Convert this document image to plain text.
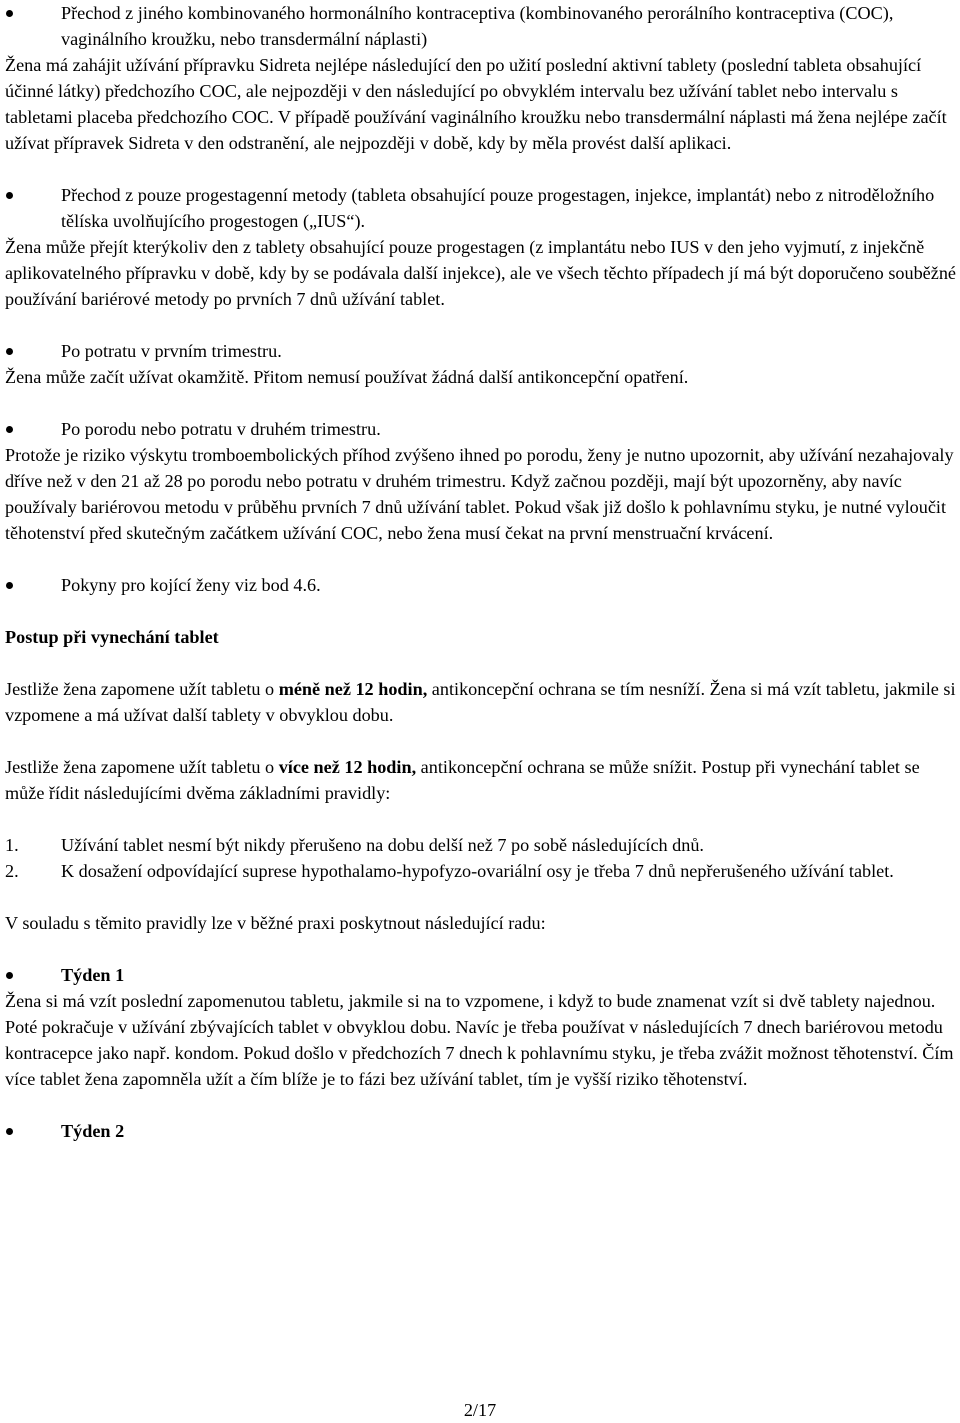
Přechod z jiného kombinovaného hormonálního kontraceptiva (kombinovaného perorálního kontraceptiva (COC), vaginálního kroužku, nebo transdermální náplasti)
Žena má zahájit užívání přípravku Sidreta nejlépe následující den po užití poslední aktivní tablety (poslední tableta obsahující účinné látky) předchozího COC, ale nejpozději v den následující po obvyklém intervalu bez užívání tablet nebo intervalu s tabletami placeba předchozího COC. V případě používání vaginálního kroužku nebo transdermální náplasti má žena nejlépe začít užívat přípravek Sidreta v den odstranění, ale nejpozději v době, kdy by měla provést další aplikaci.
Přechod z pouze progestagenní metody (tableta obsahující pouze progestagen, injekce, implantát) nebo z nitroděložního tělíska uvolňujícího progestogen („IUS“).
Žena může přejít kterýkoliv den z tablety obsahující pouze progestagen (z implantátu nebo IUS v den jeho vyjmutí, z injekčně aplikovatelného přípravku v době, kdy by se podávala další injekce), ale ve všech těchto případech jí má být doporučeno souběžné používání bariérové metody po prvních 7 dnů užívání tablet.
Po potratu v prvním trimestru.
Žena může začít užívat okamžitě. Přitom nemusí používat žádná další antikoncepční opatření.
Po porodu nebo potratu v druhém trimestru.
Protože je riziko výskytu tromboembolických příhod zvýšeno ihned po porodu, ženy je nutno upozornit, aby užívání nezahajovaly dříve než v den 21 až 28 po porodu nebo potratu v druhém trimestru. Když začnou později, mají být upozorněny, aby navíc používaly bariérovou metodu v průběhu prvních 7 dnů užívání tablet. Pokud však již došlo k pohlavnímu styku, je nutné vyloučit těhotenství před skutečným začátkem užívání COC, nebo žena musí čekat na první menstruační krvácení.
Pokyny pro kojící ženy viz bod 4.6.
Postup při vynechání tablet
Jestliže žena zapomene užít tabletu o méně než 12 hodin, antikoncepční ochrana se tím nesníží. Žena si má vzít tabletu, jakmile si vzpomene a má užívat další tablety v obvyklou dobu.
Jestliže žena zapomene užít tabletu o více než 12 hodin, antikoncepční ochrana se může snížit. Postup při vynechání tablet se může řídit následujícími dvěma základními pravidly:
1. Užívání tablet nesmí být nikdy přerušeno na dobu delší než 7 po sobě následujících dnů.
2. K dosažení odpovídající suprese hypothalamo-hypofyzo-ovariální osy je třeba 7 dnů nepřerušeného užívání tablet.
V souladu s těmito pravidly lze v běžné praxi poskytnout následující radu:
Týden 1
Žena si má vzít poslední zapomenutou tabletu, jakmile si na to vzpomene, i když to bude znamenat vzít si dvě tablety najednou. Poté pokračuje v užívání zbývajících tablet v obvyklou dobu. Navíc je třeba používat v následujících 7 dnech bariérovou metodu kontracepce jako např. kondom. Pokud došlo v předchozích 7 dnech k pohlavnímu styku, je třeba zvážit možnost těhotenství. Čím více tablet žena zapomněla užít a čím blíže je to fázi bez užívání tablet, tím je vyšší riziko těhotenství.
Týden 2
2/17
